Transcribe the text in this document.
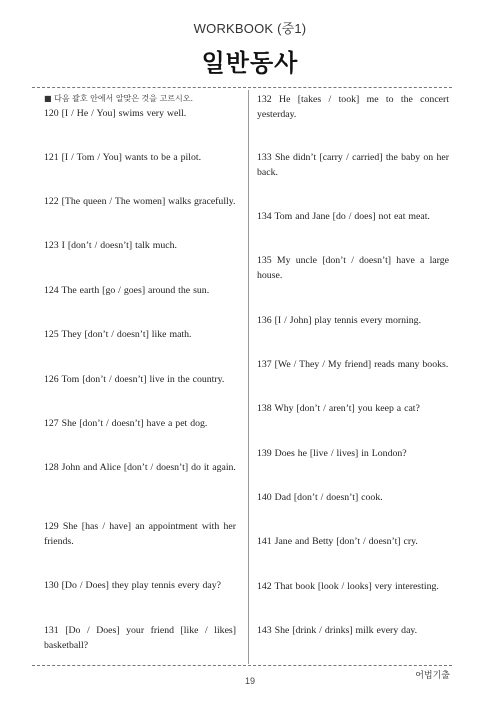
WORKBOOK (중1)
일반동사
■ 다음 괄호 안에서 알맞은 것을 고르시오.
120 [I / He / You] swims very well.
121 [I / Tom / You] wants to be a pilot.
122 [The queen / The women] walks gracefully.
123 I [don’t / doesn’t] talk much.
124 The earth [go / goes] around the sun.
125 They [don’t / doesn’t] like math.
126 Tom [don’t / doesn’t] live in the country.
127 She [don’t / doesn’t] have a pet dog.
128 John and Alice [don’t / doesn’t] do it again.
129 She [has / have] an appointment with her friends.
130 [Do / Does] they play tennis every day?
131 [Do / Does] your friend [like / likes] basketball?
132 He [takes / took] me to the concert yesterday.
133 She didn’t [carry / carried] the baby on her back.
134 Tom and Jane [do / does] not eat meat.
135 My uncle [don’t / doesn’t] have a large house.
136 [I / John] play tennis every morning.
137 [We / They / My friend] reads many books.
138 Why [don’t / aren’t] you keep a cat?
139 Does he [live / lives] in London?
140 Dad [don’t / doesn’t] cook.
141 Jane and Betty [don’t / doesn’t] cry.
142 That book [look / looks] very interesting.
143 She [drink / drinks] milk every day.
어법기출
19
